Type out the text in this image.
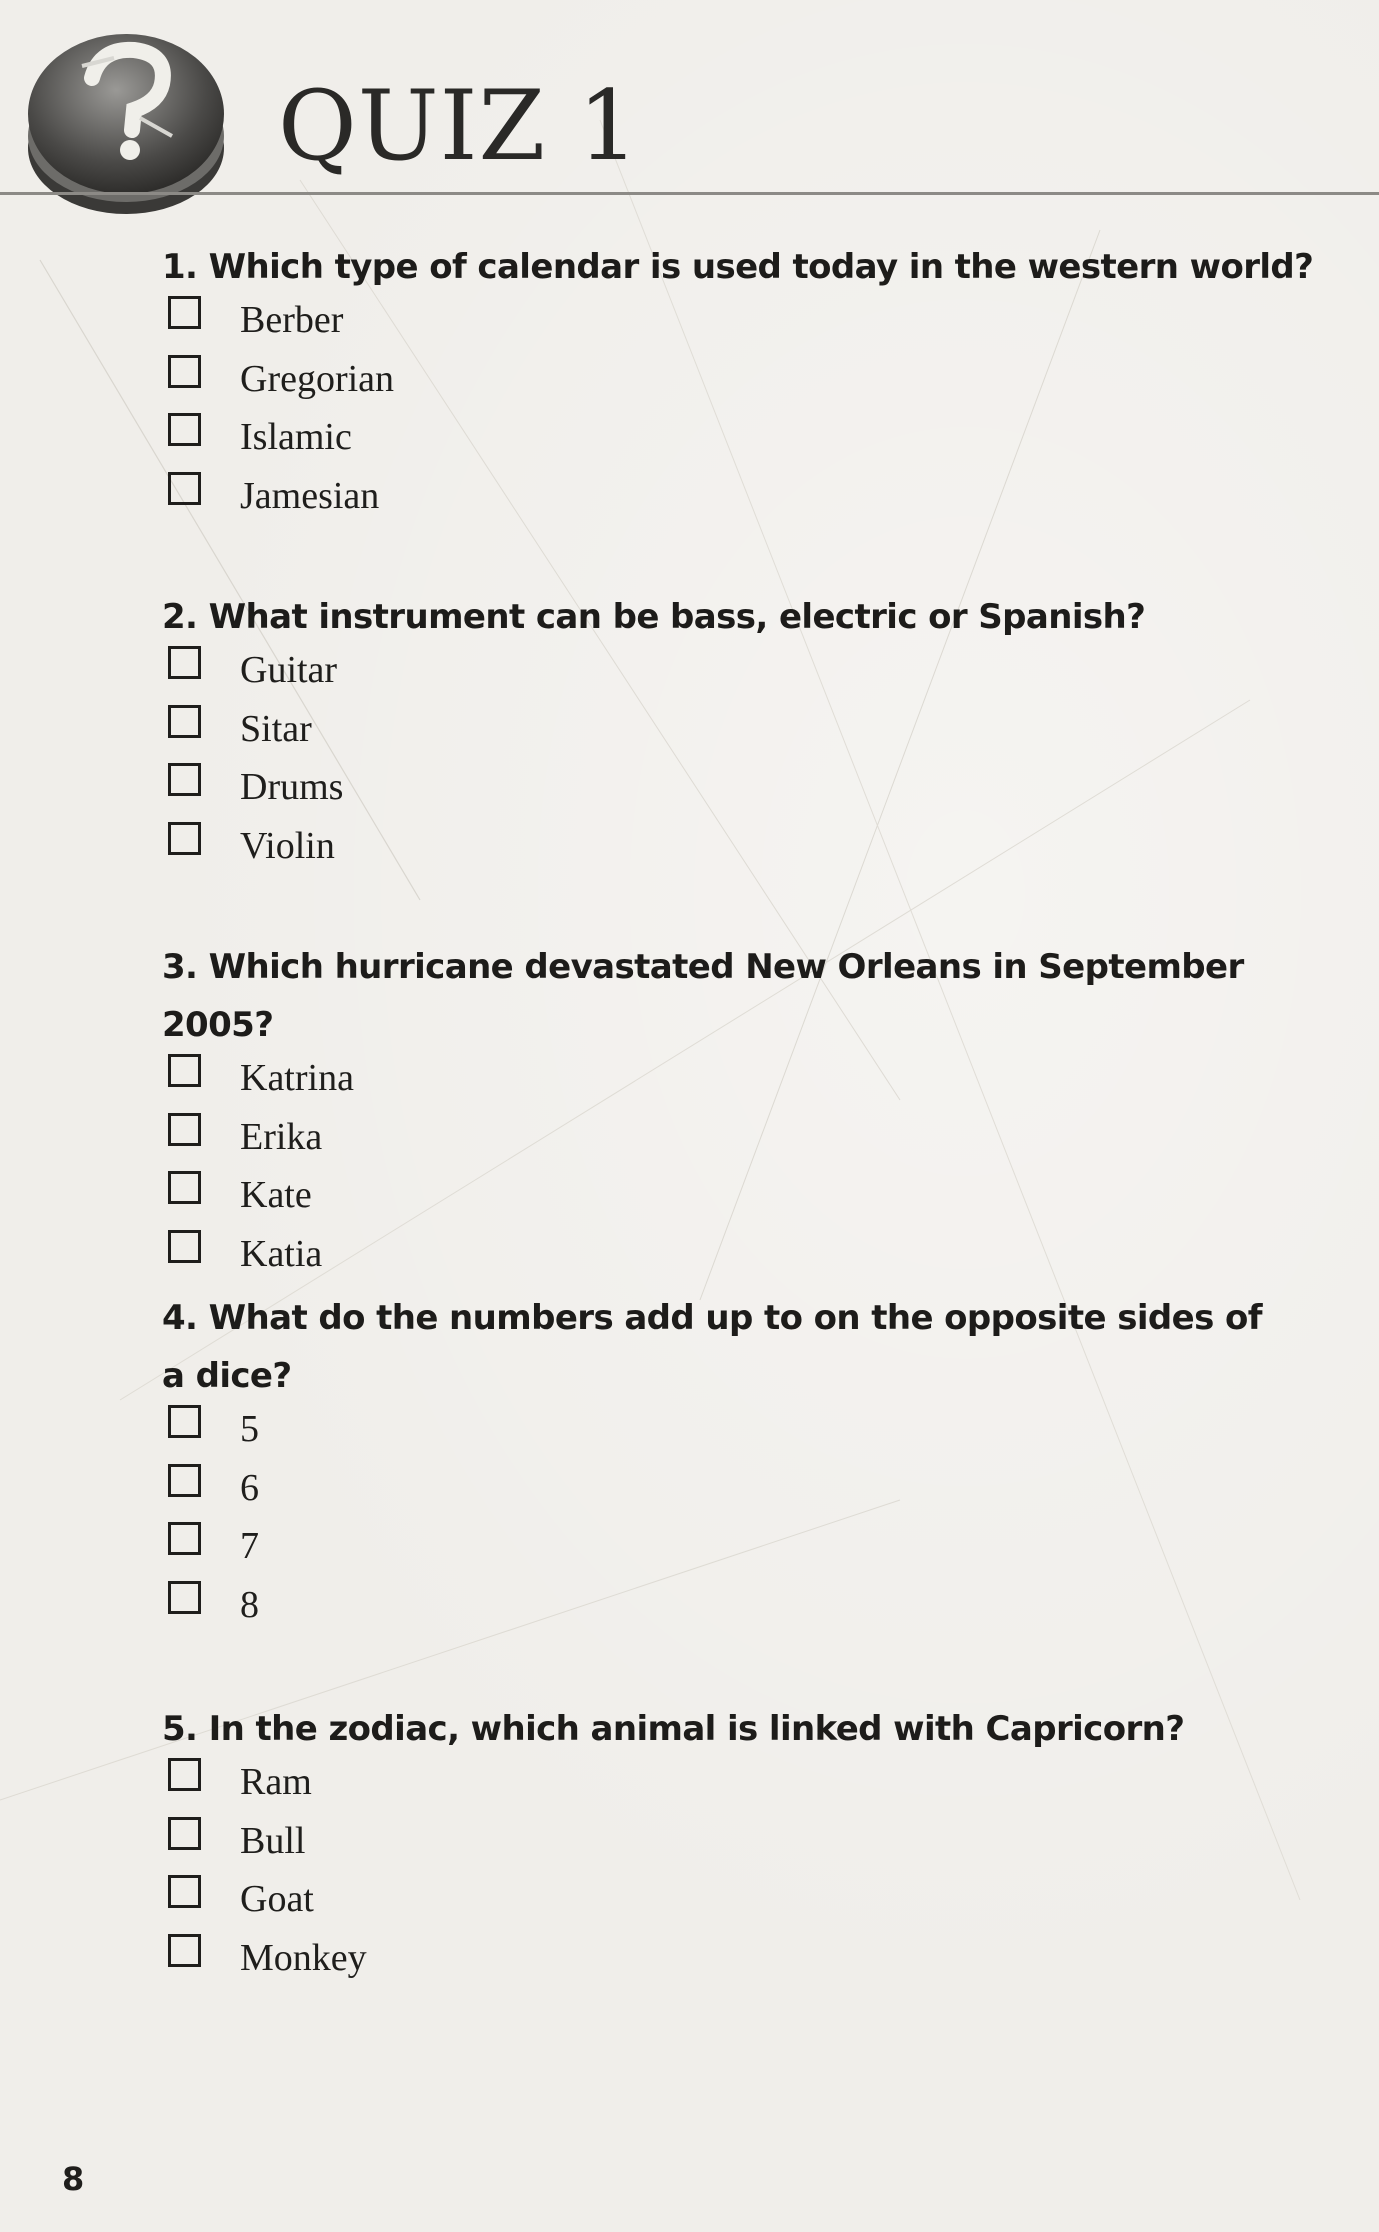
QUIZ 1

1. Which type of calendar is used today in the western world?

Berber
Gregorian
Islamic
Jamesian

2. What instrument can be bass, electric or Spanish?

Guitar
Sitar
Drums
Violin

3. Which hurricane devastated New Orleans in September 2005?

Katrina
Erika
Kate
Katia

4. What do the numbers add up to on the opposite sides of a dice?

5
6
7
8

5. In the zodiac, which animal is linked with Capricorn?

Ram
Bull
Goat
Monkey
8
